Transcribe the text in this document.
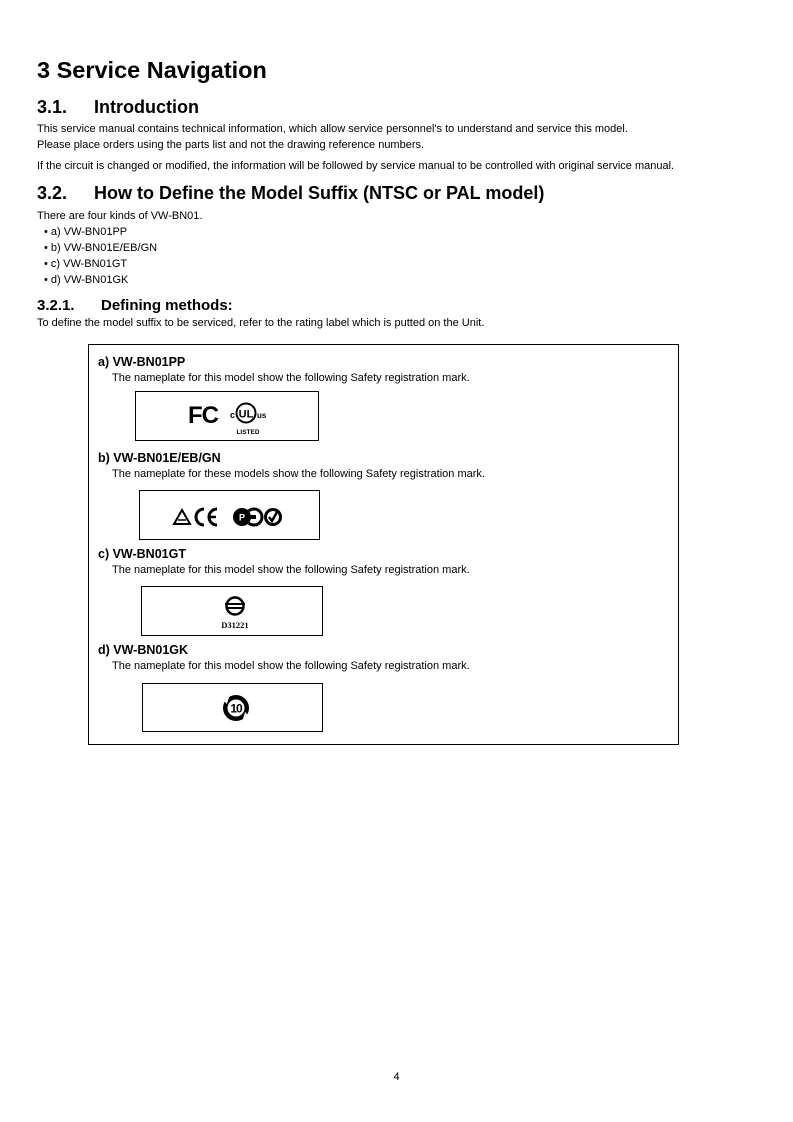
3 Service Navigation
3.1. Introduction
This service manual contains technical information, which allow service personnel's to understand and service this model.
Please place orders using the parts list and not the drawing reference numbers.
If the circuit is changed or modified, the information will be followed by service manual to be controlled with original service manual.
3.2. How to Define the Model Suffix (NTSC or PAL model)
There are four kinds of VW-BN01.
• a) VW-BN01PP
• b) VW-BN01E/EB/GN
• c) VW-BN01GT
• d) VW-BN01GK
3.2.1. Defining methods:
To define the model suffix to be serviced, refer to the rating label which is putted on the Unit.
a) VW-BN01PP
The nameplate for this model show the following Safety registration mark.
FC c UL us
LISTED
b) VW-BN01E/EB/GN
The nameplate for these models show the following Safety registration mark.
P
c) VW-BN01GT
The nameplate for this model show the following Safety registration mark.
D31221
d) VW-BN01GK
The nameplate for this model show the following Safety registration mark.
10
4
